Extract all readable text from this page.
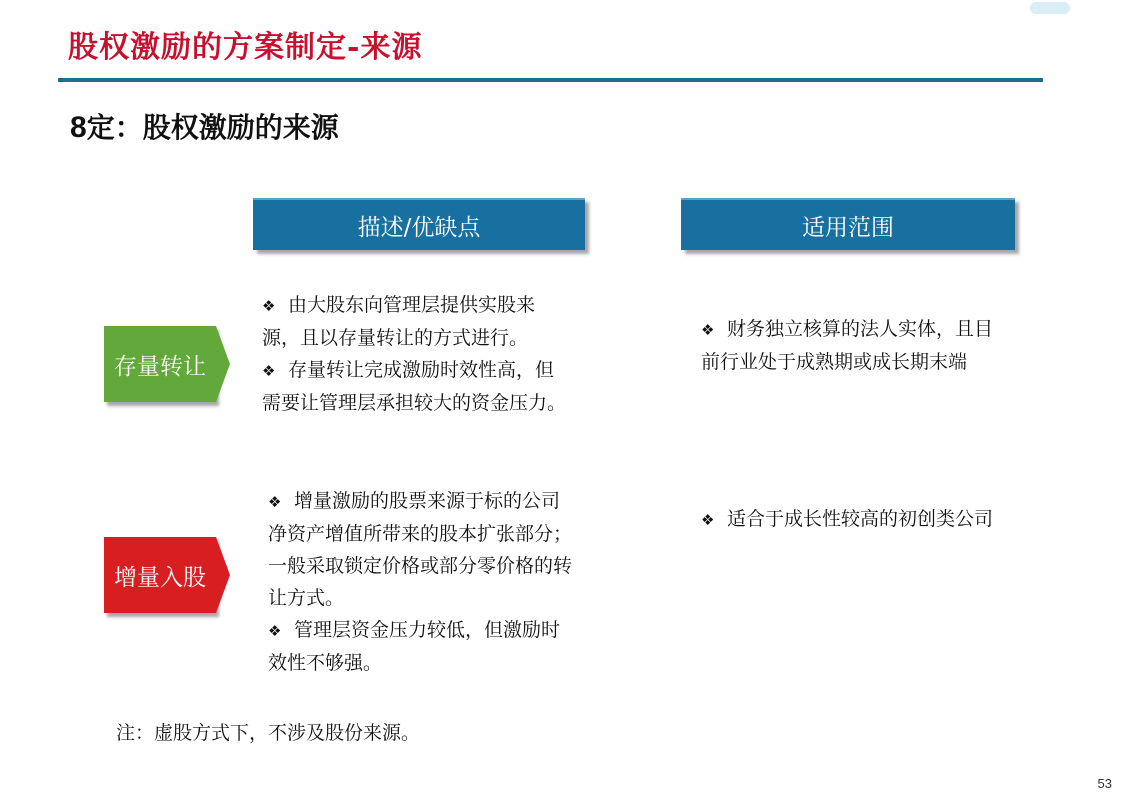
股权激励的方案制定-来源
8定：股权激励的来源
描述/优缺点	适用范围
存量转让
增量入股

❖ 由大股东向管理层提供实股来源，且以存量转让的方式进行。

❖ 存量转让完成激励时效性高，但需要让管理层承担较大的资金压力。

❖ 增量激励的股票来源于标的公司净资产增值所带来的股本扩张部分；一般采取锁定价格或部分零价格的转让方式。

❖ 管理层资金压力较低，但激励时效性不够强。

❖ 财务独立核算的法人实体，且目前行业处于成熟期或成长期末端

❖ 适合于成长性较高的初创类公司

注：虚股方式下，不涉及股份来源。
53
